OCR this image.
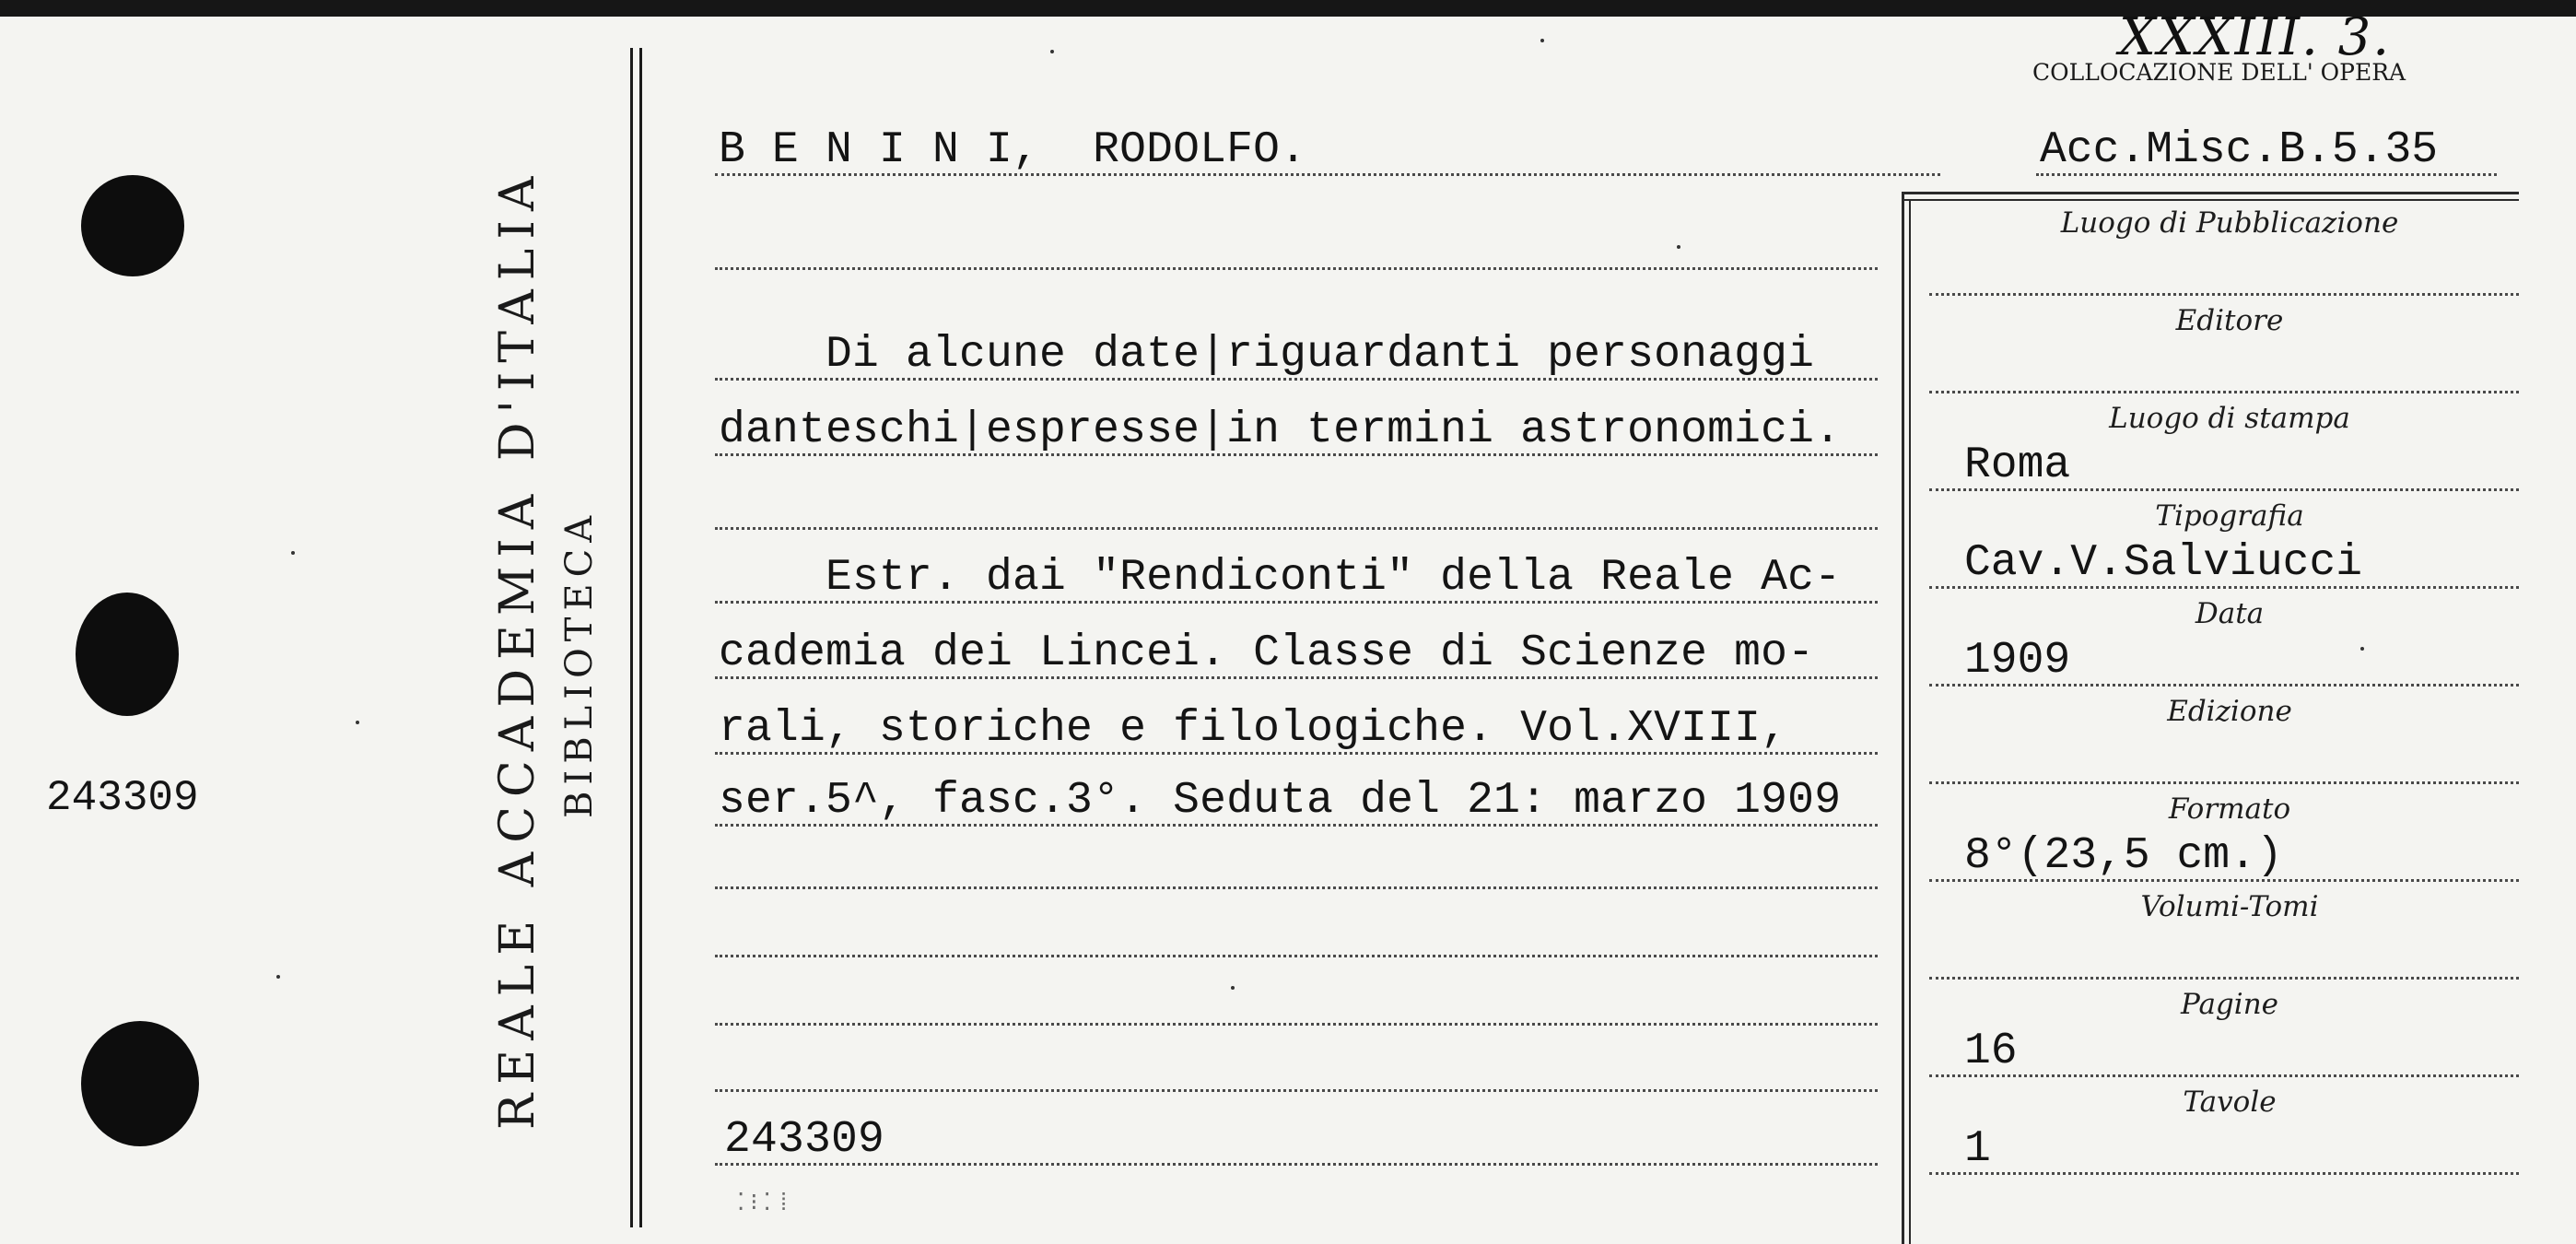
243309	REALE ACCADEMIA D'ITALIA BIBLIOTECA
XXXIII. 3.
COLLOCAZIONE DELL' OPERA
Acc.Misc.B.5.35
B E N I N I,  RODOLFO.
Di alcune date|riguardanti personaggi
danteschi|espresse|in termini astronomici.
Estr. dai "Rendiconti" della Reale Ac-
cademia dei Lincei. Classe di Scienze mo-
rali, storiche e filologiche. Vol.XVIII,
ser.5^, fasc.3°. Seduta del 21: marzo 1909
243309
⁚⁝⁚⁞
Luogo di Pubblicazione
Editore
Luogo di stampa
Roma
Tipografia
Cav.V.Salviucci
Data
1909
Edizione
Formato
8°(23,5 cm.)
Volumi-Tomi
Pagine
16
Tavole
1
